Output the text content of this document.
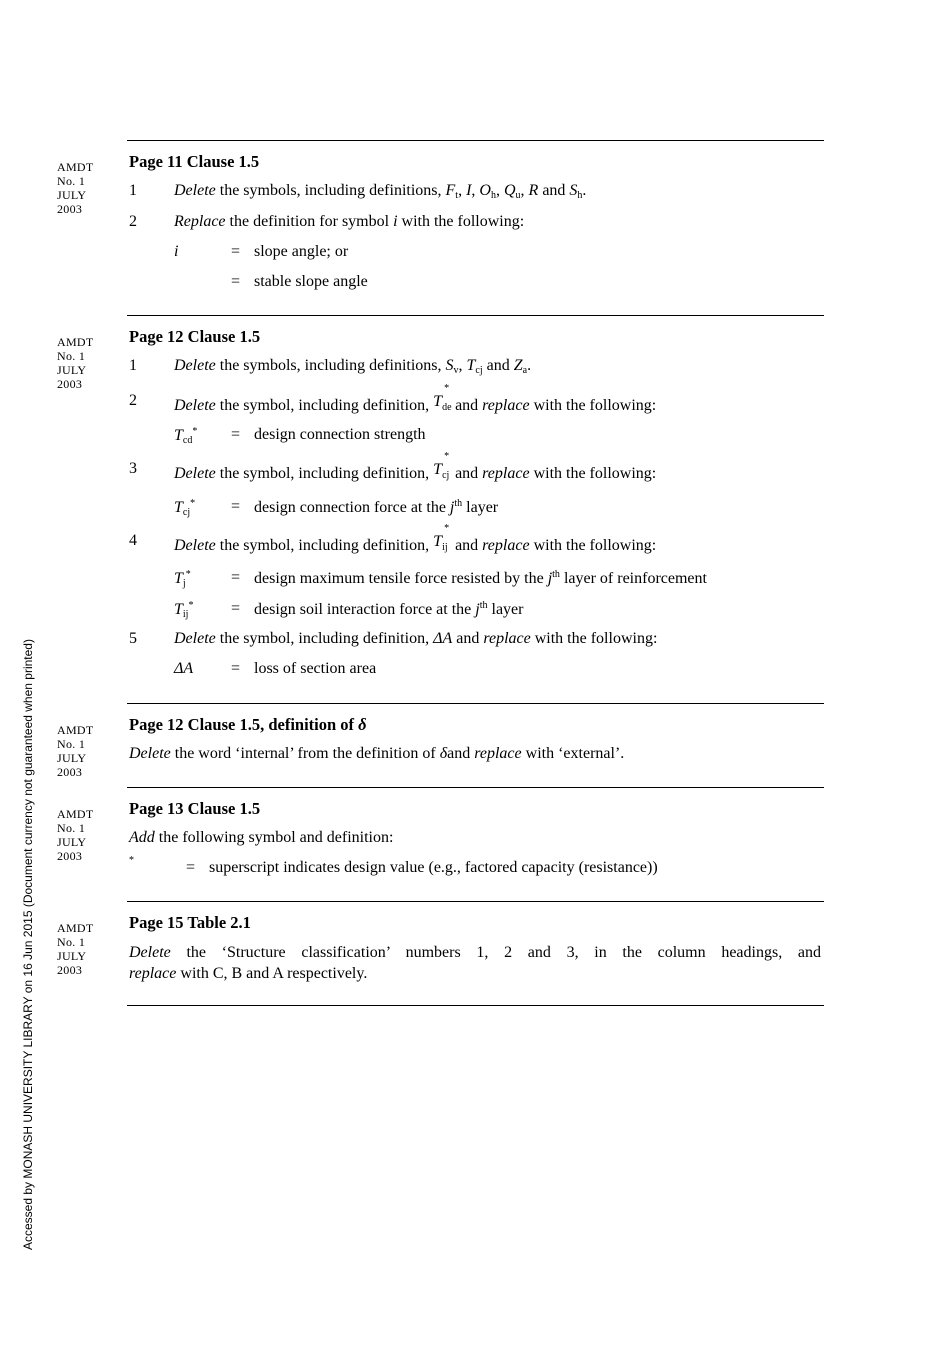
Accessed by MONASH UNIVERSITY LIBRARY on 16 Jun 2015 (Document currency not guaranteed when printed)
AMDT
No. 1
JULY
2003
Page 11 Clause 1.5
1 Delete the symbols, including definitions, $F_t$, I, $O_h$, $Q_u$, R and $S_h$.
2 Replace the definition for symbol i with the following:
i	= slope angle; or
= stable slope angle
AMDT
No. 1
JULY
2003
Page 12 Clause 1.5
1 Delete the symbols, including definitions, $S_v$, $T_{cj}$ and $Z_a$.
2 Delete the symbol, including definition, T
*
de and replace with the following:
$T_{cd}^*$ = design connection strength
3 Delete the symbol, including definition, T
*
cj and replace with the following:
$T_{cj}^*$ = design connection force at the $j^{th}$ layer
4 Delete the symbol, including definition, T
*
ij and replace with the following:
$T_j^*$	= design maximum tensile force resisted by the $j^{th}$ layer of reinforcement
$T_{ij}^*$ = design soil interaction force at the $j^{th}$ layer
5 Delete the symbol, including definition, ΔA and replace with the following:
ΔA = loss of section area
AMDT
No. 1
JULY
2003
Page 12 Clause 1.5, definition of δ
Delete the word ‘internal’ from the definition of δand replace with ‘external’.
AMDT
No. 1
JULY
2003
Page 13 Clause 1.5
Add the following symbol and definition:
*	= superscript indicates design value (e.g., factored capacity (resistance))
AMDT
No. 1
JULY
2003
Page 15 Table 2.1
Delete the ‘Structure classification’ numbers 1, 2 and 3, in the column headings, and
replace with C, B and A respectively.
